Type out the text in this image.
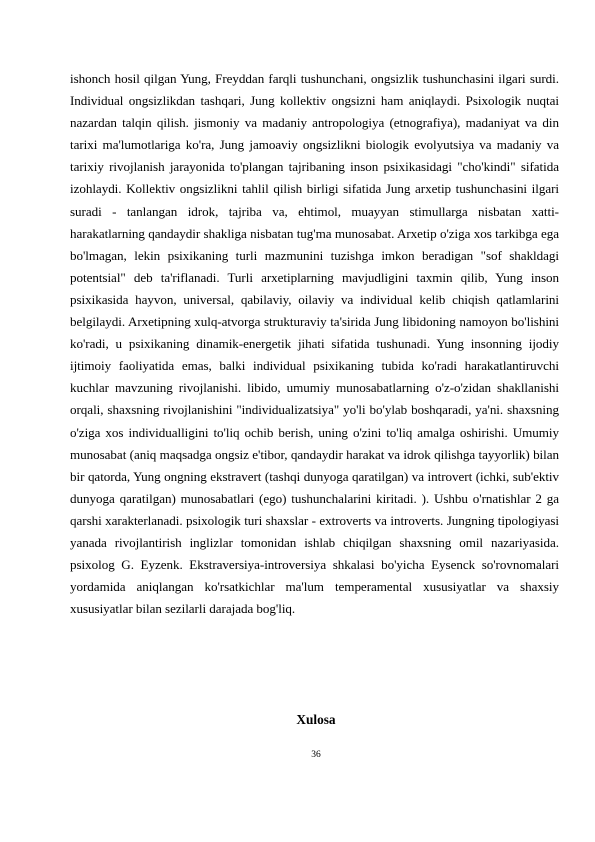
ishonch hosil qilgan Yung, Freyddan farqli tushunchani, ongsizlik tushunchasini ilgari surdi. Individual ongsizlikdan tashqari, Jung kollektiv ongsizni ham aniqlaydi. Psixologik nuqtai nazardan talqin qilish. jismoniy va madaniy antropologiya (etnografiya), madaniyat va din tarixi ma'lumotlariga ko'ra, Jung jamoaviy ongsizlikni biologik evolyutsiya va madaniy va tarixiy rivojlanish jarayonida to'plangan tajribaning inson psixikasidagi "cho'kindi" sifatida izohlaydi. Kollektiv ongsizlikni tahlil qilish birligi sifatida Jung arxetip tushunchasini ilgari suradi - tanlangan idrok, tajriba va, ehtimol, muayyan stimullarga nisbatan xatti-harakatlarning qandaydir shakliga nisbatan tug'ma munosabat. Arxetip o'ziga xos tarkibga ega bo'lmagan, lekin psixikaning turli mazmunini tuzishga imkon beradigan "sof shakldagi potentsial" deb ta'riflanadi. Turli arxetiplarning mavjudligini taxmin qilib, Yung inson psixikasida hayvon, universal, qabilaviy, oilaviy va individual kelib chiqish qatlamlarini belgilaydi. Arxetipning xulq-atvorga strukturaviy ta'sirida Jung libidoning namoyon bo'lishini ko'radi, u psixikaning dinamik-energetik jihati sifatida tushunadi. Yung insonning ijodiy ijtimoiy faoliyatida emas, balki individual psixikaning tubida ko'radi harakatlantiruvchi kuchlar mavzuning rivojlanishi. libido, umumiy munosabatlarning o'z-o'zidan shakllanishi orqali, shaxsning rivojlanishini "individualizatsiya" yo'li bo'ylab boshqaradi, ya'ni. shaxsning o'ziga xos individualligini to'liq ochib berish, uning o'zini to'liq amalga oshirishi. Umumiy munosabat (aniq maqsadga ongsiz e'tibor, qandaydir harakat va idrok qilishga tayyorlik) bilan bir qatorda, Yung ongning ekstravert (tashqi dunyoga qaratilgan) va introvert (ichki, sub'ektiv dunyoga qaratilgan) munosabatlari (ego) tushunchalarini kiritadi. ). Ushbu o'rnatishlar 2 ga qarshi xarakterlanadi. psixologik turi shaxslar - extroverts va introverts. Jungning tipologiyasi yanada rivojlantirish inglizlar tomonidan ishlab chiqilgan shaxsning omil nazariyasida. psixolog G. Eyzenk. Ekstraversiya-introversiya shkalasi bo'yicha Eysenck so'rovnomalari yordamida aniqlangan ko'rsatkichlar ma'lum temperamental xususiyatlar va shaxsiy xususiyatlar bilan sezilarli darajada bog'liq.

Xulosa

36
